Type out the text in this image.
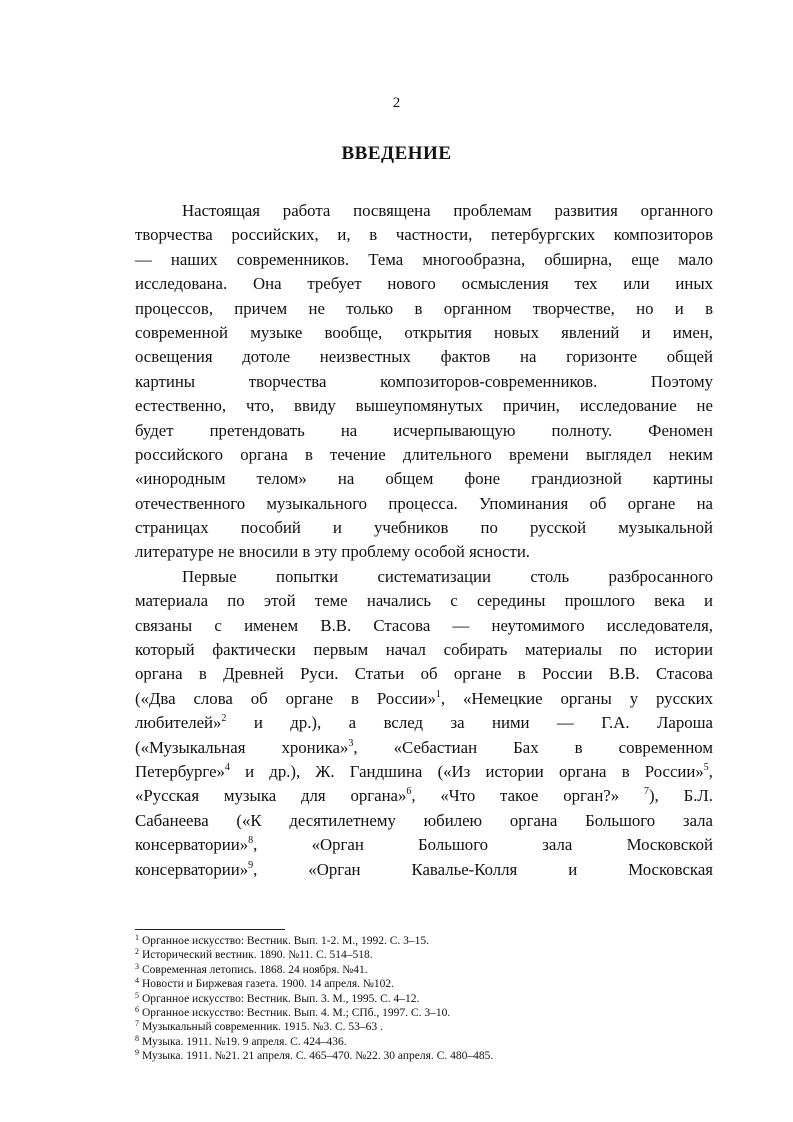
2
ВВЕДЕНИЕ
Настоящая работа посвящена проблемам развития органного
творчества российских, и, в частности, петербургских композиторов
— наших современников. Тема многообразна, обширна, еще мало
исследована. Она требует нового осмысления тех или иных
процессов, причем не только в органном творчестве, но и в
современной музыке вообще, открытия новых явлений и имен,
освещения дотоле неизвестных фактов на горизонте общей
картины творчества композиторов-современников. Поэтому
естественно, что, ввиду вышеупомянутых причин, исследование не
будет претендовать на исчерпывающую полноту. Феномен
российского органа в течение длительного времени выглядел неким
«инородным телом» на общем фоне грандиозной картины
отечественного музыкального процесса. Упоминания об органе на
страницах пособий и учебников по русской музыкальной
литературе не вносили в эту проблему особой ясности.
Первые попытки систематизации столь разбросанного
материала по этой теме начались с середины прошлого века и
связаны с именем В.В. Стасова — неутомимого исследователя,
который фактически первым начал собирать материалы по истории
органа в Древней Руси. Статьи об органе в России В.В. Стасова
(«Два слова об органе в России»$^1$, «Немецкие органы у русских
любителей»$^2$ и др.), а вслед за ними — Г.А. Лароша
(«Музыкальная хроника»$^3$, «Себастиан Бах в современном
Петербурге»$^4$ и др.), Ж. Гандшина («Из истории органа в России»$^5$,
«Русская музыка для органа»$^6$, «Что такое орган?» $^7$), Б.Л.
Сабанеева («К десятилетнему юбилею органа Большого зала
консерватории»$^8$, «Орган Большого зала Московской
консерватории»$^9$, «Орган Кавалье-Колля и Московская
$^1$ Органное искусство: Вестник. Вып. 1-2. М., 1992. С. 3–15.
$^2$ Исторический вестник. 1890. №11. С. 514–518.
$^3$ Современная летопись. 1868. 24 ноября. №41.
$^4$ Новости и Биржевая газета. 1900. 14 апреля. №102.
$^5$ Органное искусство: Вестник. Вып. 3. М., 1995. С. 4–12.
$^6$ Органное искусство: Вестник. Вып. 4. М.; СПб., 1997. С. 3–10.
$^7$ Музыкальный современник. 1915. №3. С. 53–63 .
$^8$ Музыка. 1911. №19. 9 апреля. С. 424–436.
$^9$ Музыка. 1911. №21. 21 апреля. С. 465–470. №22. 30 апреля. С. 480–485.
